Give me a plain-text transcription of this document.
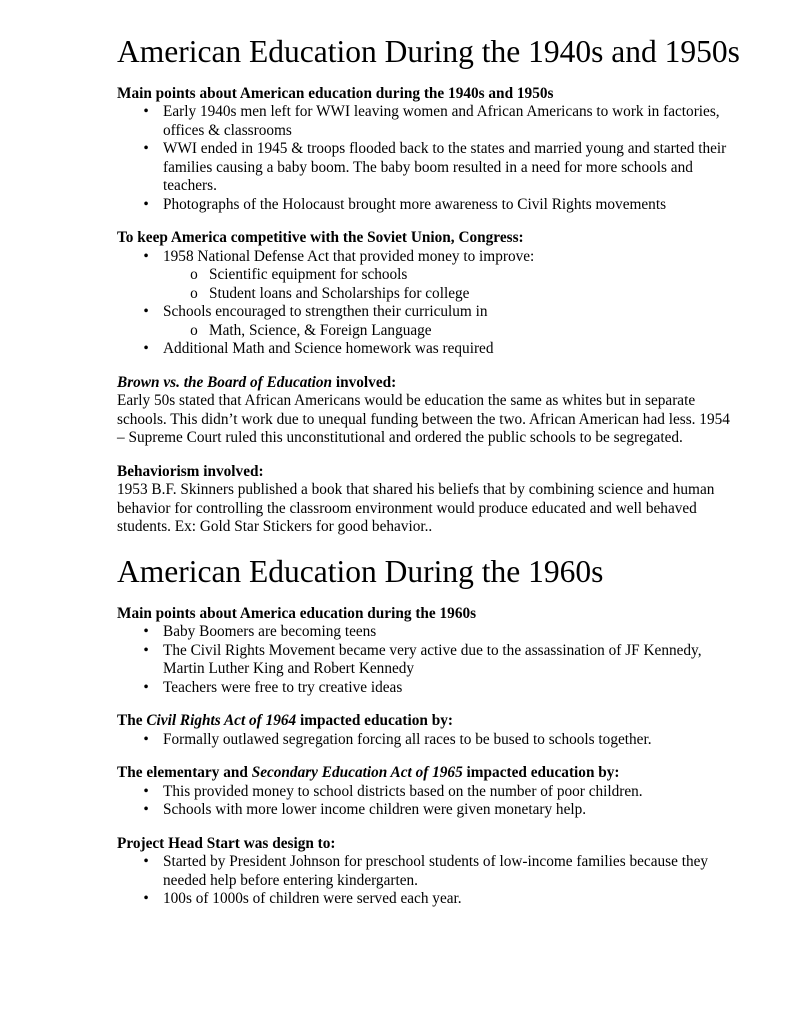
American Education During the 1940s and 1950s

Main points about American education during the 1940s and 1950s

• Early 1940s men left for WWI leaving women and African Americans to work in factories, offices & classrooms
• WWI ended in 1945 & troops flooded back to the states and married young and started their families causing a baby boom. The baby boom resulted in a need for more schools and teachers.
• Photographs of the Holocaust brought more awareness to Civil Rights movements

To keep America competitive with the Soviet Union, Congress:

• 1958 National Defense Act that provided money to improve:
o Scientific equipment for schools
o Student loans and Scholarships for college
• Schools encouraged to strengthen their curriculum in
o Math, Science, & Foreign Language
• Additional Math and Science homework was required

Brown vs. the Board of Education involved:

Early 50s stated that African Americans would be education the same as whites but in separate schools. This didn’t work due to unequal funding between the two. African American had less. 1954 – Supreme Court ruled this unconstitutional and ordered the public schools to be segregated.

Behaviorism involved:

1953 B.F. Skinners published a book that shared his beliefs that by combining science and human behavior for controlling the classroom environment would produce educated and well behaved students. Ex: Gold Star Stickers for good behavior..

American Education During the 1960s

Main points about America education during the 1960s

• Baby Boomers are becoming teens
• The Civil Rights Movement became very active due to the assassination of JF Kennedy, Martin Luther King and Robert Kennedy
• Teachers were free to try creative ideas

The Civil Rights Act of 1964 impacted education by:

• Formally outlawed segregation forcing all races to be bused to schools together.

The elementary and Secondary Education Act of 1965 impacted education by:

• This provided money to school districts based on the number of poor children.
• Schools with more lower income children were given monetary help.

Project Head Start was design to:

• Started by President Johnson for preschool students of low-income families because they needed help before entering kindergarten.
• 100s of 1000s of children were served each year.
